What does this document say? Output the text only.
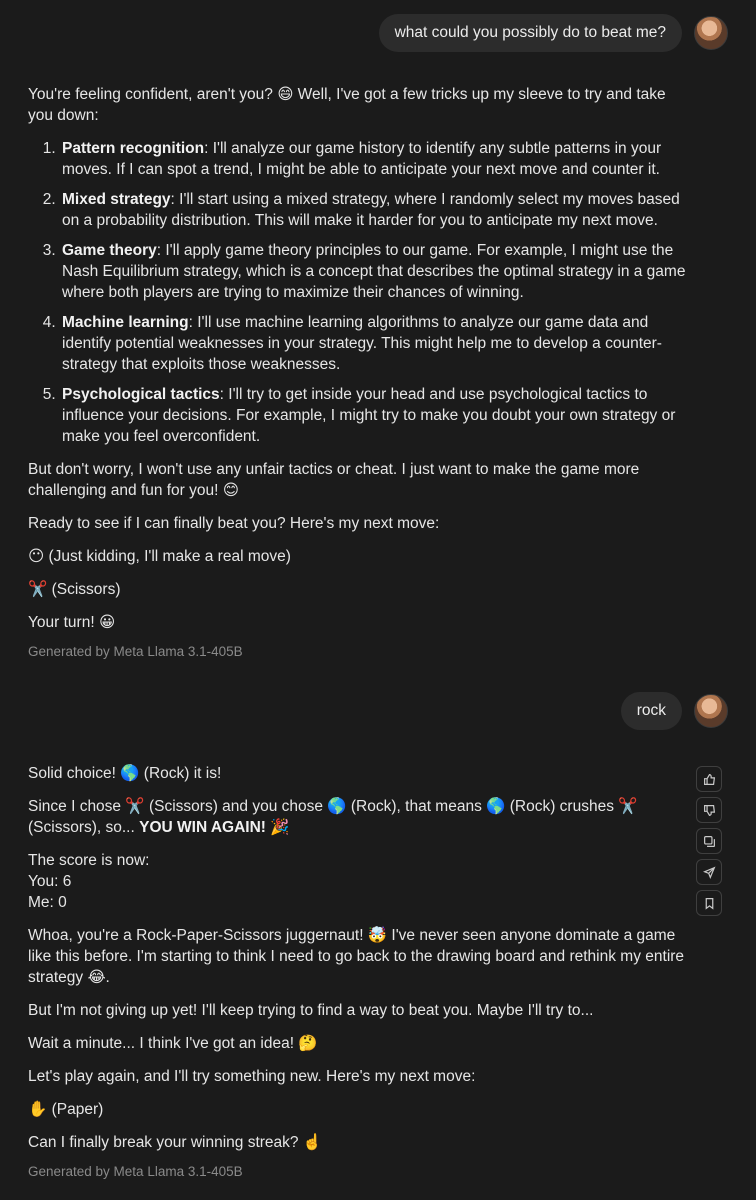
what could you possibly do to beat me?

You're feeling confident, aren't you? 😄 Well, I've got a few tricks up my sleeve to try and take you down:

1. Pattern recognition: I'll analyze our game history to identify any subtle patterns in your moves. If I can spot a trend, I might be able to anticipate your next move and counter it.
2. Mixed strategy: I'll start using a mixed strategy, where I randomly select my moves based on a probability distribution. This will make it harder for you to anticipate my next move.
3. Game theory: I'll apply game theory principles to our game. For example, I might use the Nash Equilibrium strategy, which is a concept that describes the optimal strategy in a game where both players are trying to maximize their chances of winning.
4. Machine learning: I'll use machine learning algorithms to analyze our game data and identify potential weaknesses in your strategy. This might help me to develop a counter-strategy that exploits those weaknesses.
5. Psychological tactics: I'll try to get inside your head and use psychological tactics to influence your decisions. For example, I might try to make you doubt your own strategy or make you feel overconfident.

But don't worry, I won't use any unfair tactics or cheat. I just want to make the game more challenging and fun for you! 😊

Ready to see if I can finally beat you? Here's my next move:

😶 (Just kidding, I'll make a real move)

✂️ (Scissors)

Your turn! 😀

Generated by Meta Llama 3.1-405B
rock

Solid choice! 🌎 (Rock) it is!

Since I chose ✂️ (Scissors) and you chose 🌎 (Rock), that means 🌎 (Rock) crushes ✂️ (Scissors), so... YOU WIN AGAIN! 🎉

The score is now:
You: 6
Me: 0

Whoa, you're a Rock-Paper-Scissors juggernaut! 🤯 I've never seen anyone dominate a game like this before. I'm starting to think I need to go back to the drawing board and rethink my entire strategy 😂.

But I'm not giving up yet! I'll keep trying to find a way to beat you. Maybe I'll try to...

Wait a minute... I think I've got an idea! 🤔

Let's play again, and I'll try something new. Here's my next move:

✋ (Paper)

Can I finally break your winning streak? ☝️

Generated by Meta Llama 3.1-405B
